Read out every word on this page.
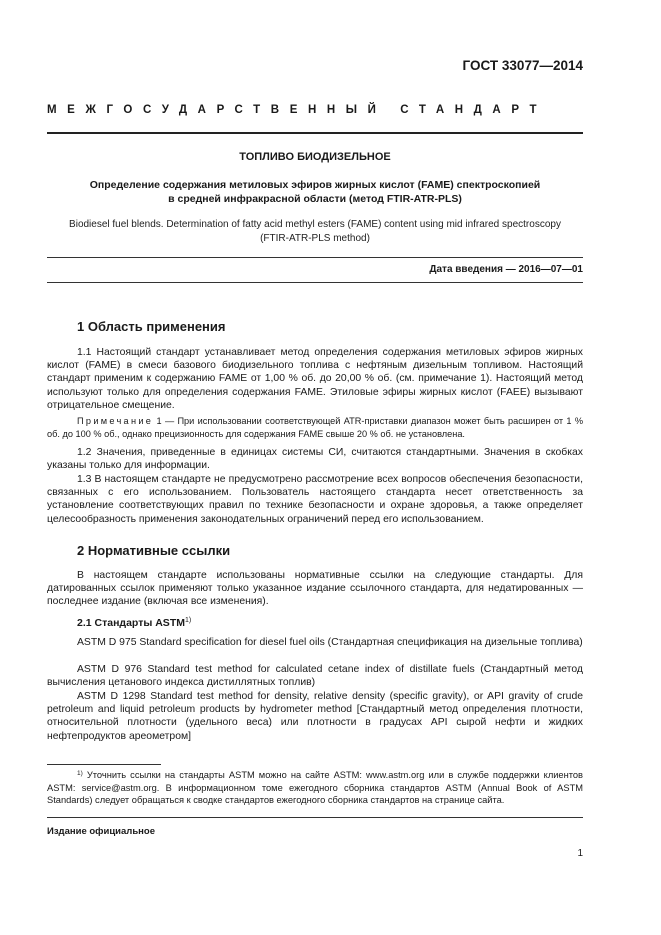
ГОСТ 33077—2014
МЕЖГОСУДАРСТВЕННЫЙ СТАНДАРТ
ТОПЛИВО БИОДИЗЕЛЬНОЕ
Определение содержания метиловых эфиров жирных кислот (FAME) спектроскопией
в средней инфракрасной области (метод FTIR-ATR-PLS)
Biodiesel fuel blends. Determination of fatty acid methyl esters (FAME) content using mid infrared spectroscopy
(FTIR-ATR-PLS method)
Дата введения — 2016—07—01
1 Область применения
1.1 Настоящий стандарт устанавливает метод определения содержания метиловых эфиров жирных кислот (FAME) в смеси базового биодизельного топлива с нефтяным дизельным топливом. Настоящий стандарт применим к содержанию FAME от 1,00 % об. до 20,00 % об. (см. примечание 1). Настоящий метод используют только для определения содержания FAME. Этиловые эфиры жирных кислот (FAEE) вызывают отрицательное смещение.
Примечание 1 — При использовании соответствующей ATR-приставки диапазон может быть расширен от 1 % об. до 100 % об., однако прецизионность для содержания FAME свыше 20 % об. не установлена.
1.2 Значения, приведенные в единицах системы СИ, считаются стандартными. Значения в скобках указаны только для информации.
1.3 В настоящем стандарте не предусмотрено рассмотрение всех вопросов обеспечения безопасности, связанных с его использованием. Пользователь настоящего стандарта несет ответственность за установление соответствующих правил по технике безопасности и охране здоровья, а также определяет целесообразность применения законодательных ограничений перед его использованием.
2 Нормативные ссылки
В настоящем стандарте использованы нормативные ссылки на следующие стандарты. Для датированных ссылок применяют только указанное издание ссылочного стандарта, для недатированных — последнее издание (включая все изменения).
2.1 Стандарты ASTM$^{1)}$
ASTM D 975 Standard specification for diesel fuel oils (Стандартная спецификация на дизельные топлива)
ASTM D 976 Standard test method for calculated cetane index of distillate fuels (Стандартный метод вычисления цетанового индекса дистиллятных топлив)
ASTM D 1298 Standard test method for density, relative density (specific gravity), or API gravity of crude petroleum and liquid petroleum products by hydrometer method [Стандартный метод определения плотности, относительной плотности (удельного веса) или плотности в градусах API сырой нефти и жидких нефтепродуктов ареометром]
$^{1)}$ Уточнить ссылки на стандарты ASTM можно на сайте ASTM: www.astm.org или в службе поддержки клиентов ASTM: service@astm.org. В информационном томе ежегодного сборника стандартов ASTM (Annual Book of ASTM Standards) следует обращаться к сводке стандартов ежегодного сборника стандартов на странице сайта.
Издание официальное
1
